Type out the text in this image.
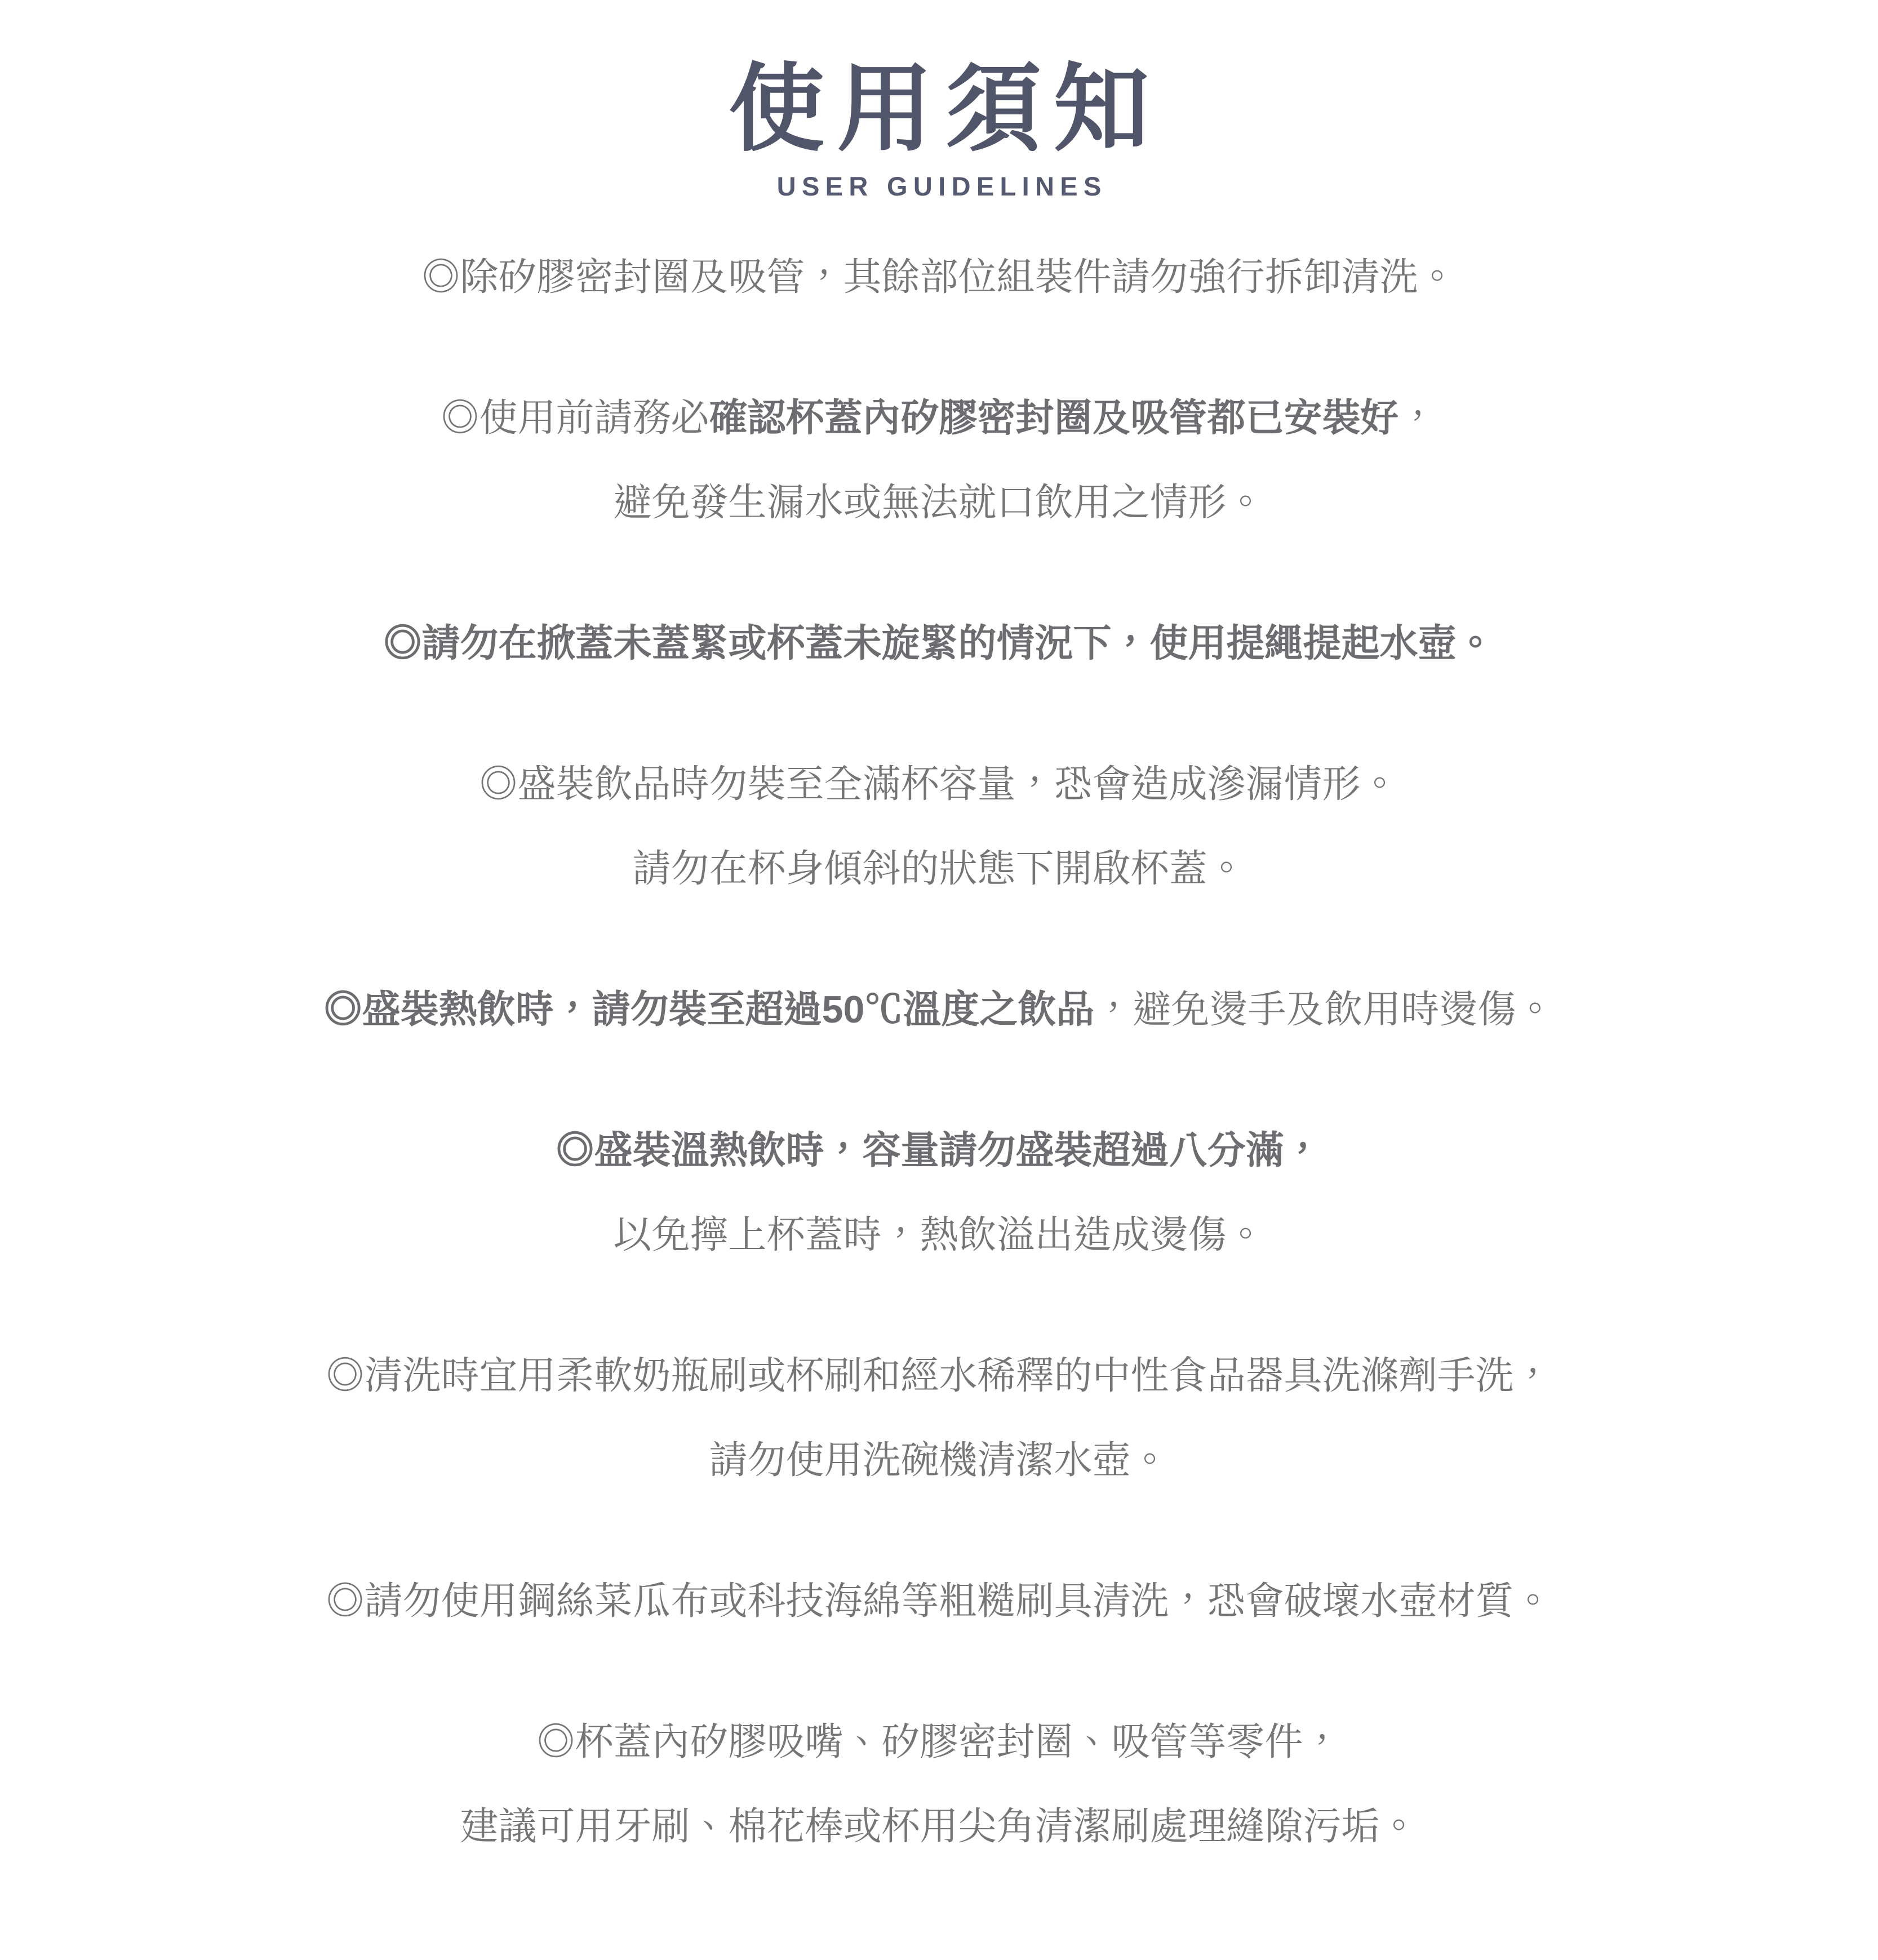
使用須知
USER GUIDELINES
◎除矽膠密封圈及吸管，其餘部位組裝件請勿強行拆卸清洗。
◎使用前請務必確認杯蓋內矽膠密封圈及吸管都已安裝好，
避免發生漏水或無法就口飲用之情形。
◎請勿在掀蓋未蓋緊或杯蓋未旋緊的情況下，使用提繩提起水壺。
◎盛裝飲品時勿裝至全滿杯容量，恐會造成滲漏情形。
請勿在杯身傾斜的狀態下開啟杯蓋。
◎盛裝熱飲時，請勿裝至超過50℃溫度之飲品，避免燙手及飲用時燙傷。
◎盛裝溫熱飲時，容量請勿盛裝超過八分滿，
以免擰上杯蓋時，熱飲溢出造成燙傷。
◎清洗時宜用柔軟奶瓶刷或杯刷和經水稀釋的中性食品器具洗滌劑手洗，
請勿使用洗碗機清潔水壺。
◎請勿使用鋼絲菜瓜布或科技海綿等粗糙刷具清洗，恐會破壞水壺材質。
◎杯蓋內矽膠吸嘴、矽膠密封圈、吸管等零件，
建議可用牙刷、棉花棒或杯用尖角清潔刷處理縫隙污垢。
